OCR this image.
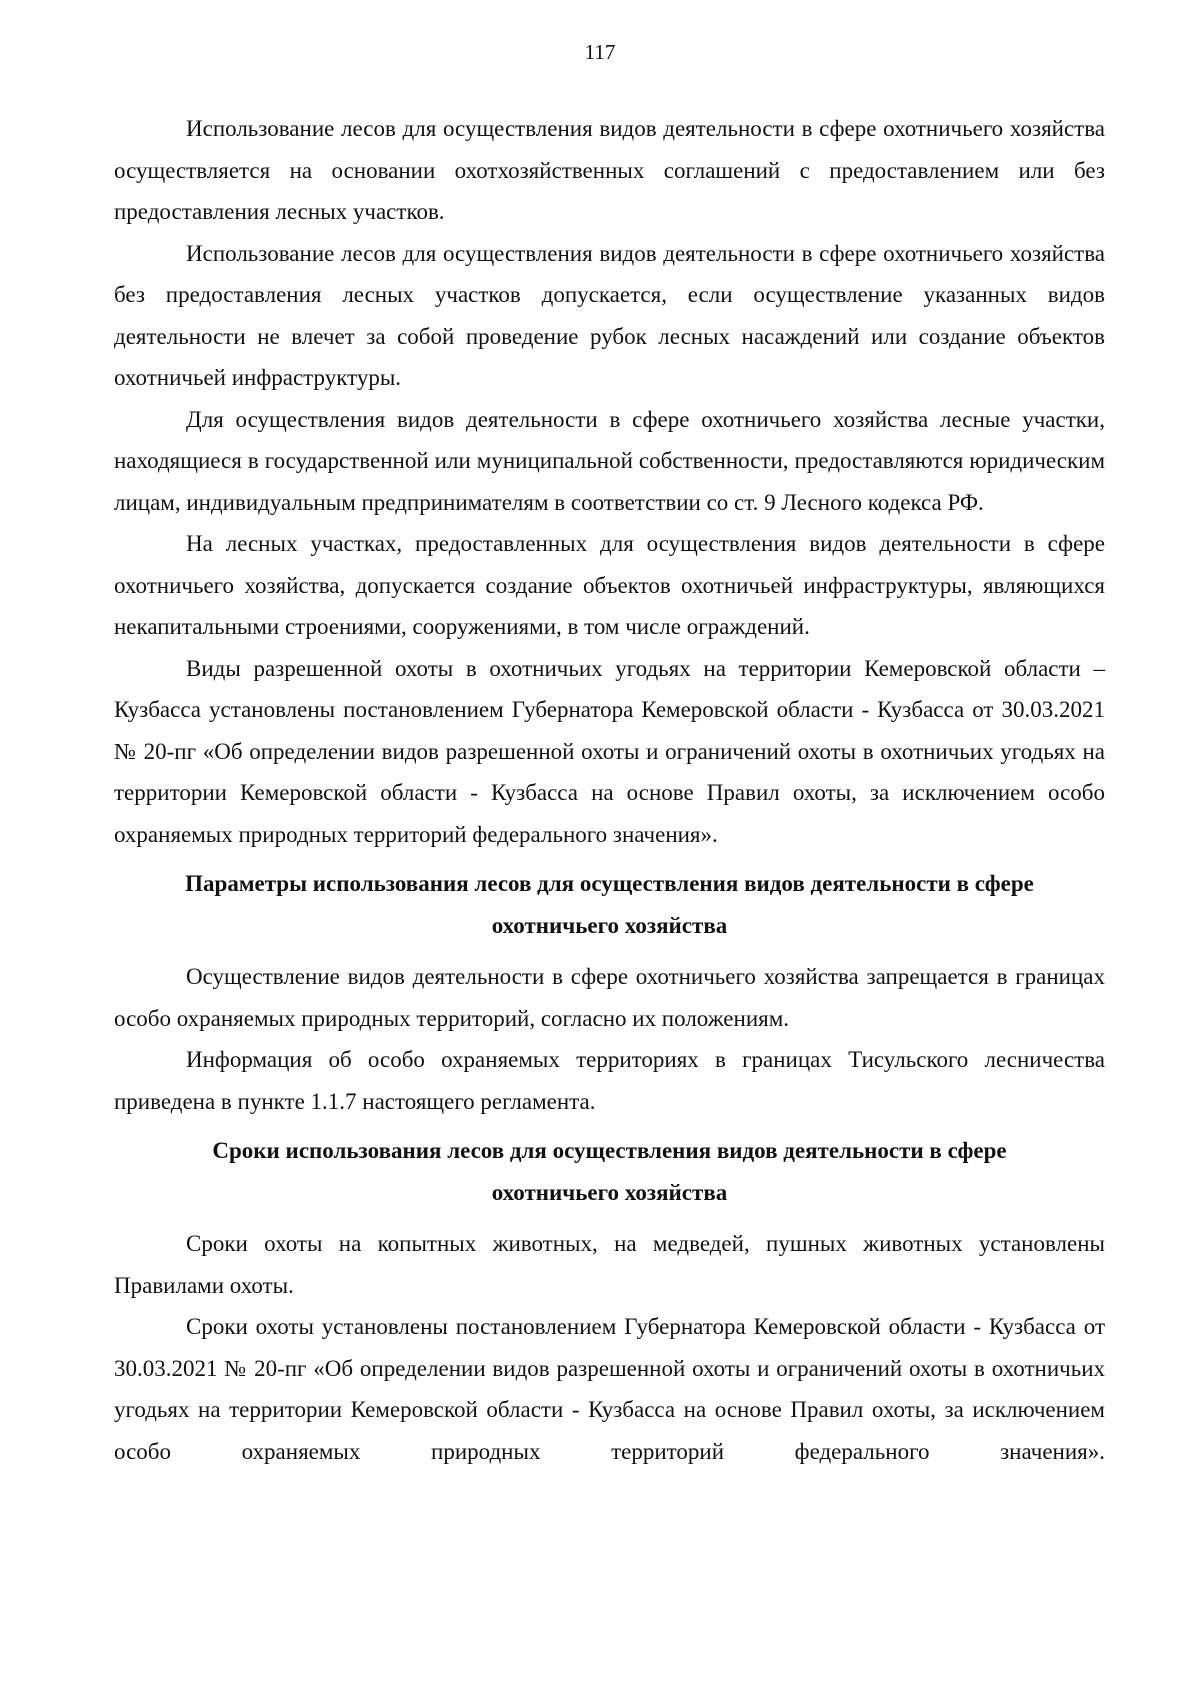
117

Использование лесов для осуществления видов деятельности в сфере охотничьего хозяйства осуществляется на основании охотхозяйственных соглашений с предоставлением или без предоставления лесных участков.

Использование лесов для осуществления видов деятельности в сфере охотничьего хозяйства без предоставления лесных участков допускается, если осуществление указанных видов деятельности не влечет за собой проведение рубок лесных насаждений или создание объектов охотничьей инфраструктуры.

Для осуществления видов деятельности в сфере охотничьего хозяйства лесные участки, находящиеся в государственной или муниципальной собственности, предоставляются юридическим лицам, индивидуальным предпринимателям в соответствии со ст. 9 Лесного кодекса РФ.

На лесных участках, предоставленных для осуществления видов деятельности в сфере охотничьего хозяйства, допускается создание объектов охотничьей инфраструктуры, являющихся некапитальными строениями, сооружениями, в том числе ограждений.

Виды разрешенной охоты в охотничьих угодьях на территории Кемеровской области – Кузбасса установлены постановлением Губернатора Кемеровской области - Кузбасса от 30.03.2021 № 20-пг «Об определении видов разрешенной охоты и ограничений охоты в охотничьих угодьях на территории Кемеровской области - Кузбасса на основе Правил охоты, за исключением особо охраняемых природных территорий федерального значения».

Параметры использования лесов для осуществления видов деятельности в сфере
охотничьего хозяйства

Осуществление видов деятельности в сфере охотничьего хозяйства запрещается в границах особо охраняемых природных территорий, согласно их положениям.

Информация об особо охраняемых территориях в границах Тисульского лесничества приведена в пункте 1.1.7 настоящего регламента.

Сроки использования лесов для осуществления видов деятельности в сфере
охотничьего хозяйства

Сроки охоты на копытных животных, на медведей, пушных животных установлены Правилами охоты.

Сроки охоты установлены постановлением Губернатора Кемеровской области - Кузбасса от 30.03.2021 № 20-пг «Об определении видов разрешенной охоты и ограничений охоты в охотничьих угодьях на территории Кемеровской области - Кузбасса на основе Правил охоты, за исключением особо охраняемых природных территорий федерального значения».
